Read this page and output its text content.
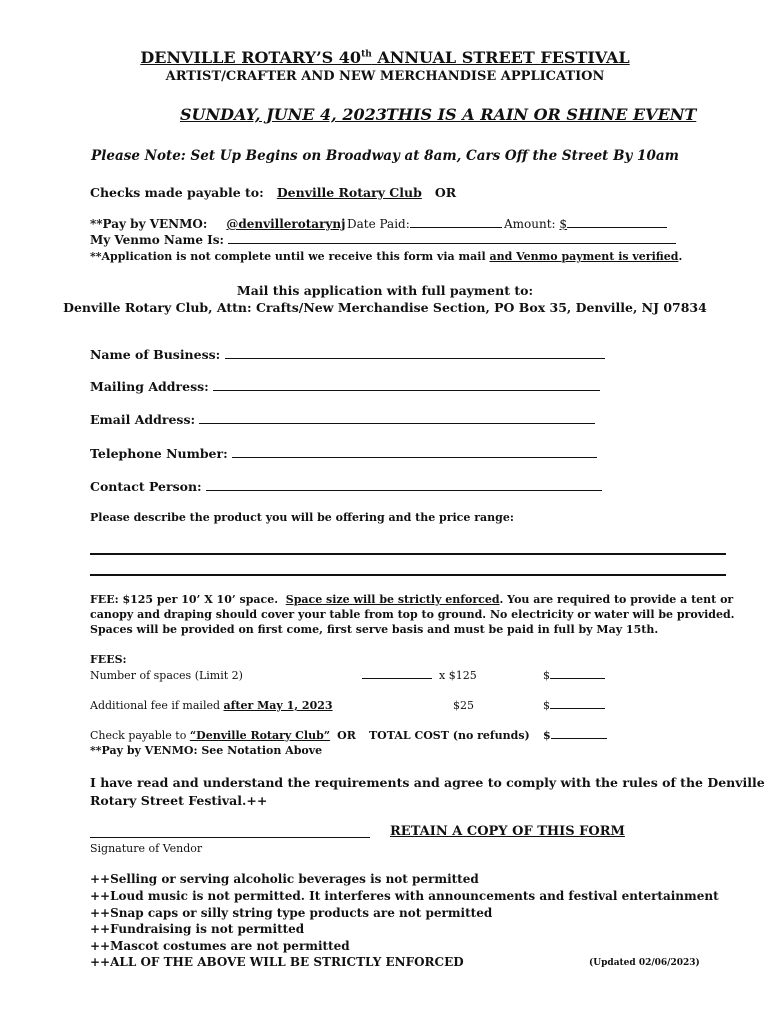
DENVILLE ROTARY’S 40th ANNUAL STREET FESTIVAL
ARTIST/CRAFTER AND NEW MERCHANDISE APPLICATION
SUNDAY, JUNE 4, 2023 THIS IS A RAIN OR SHINE EVENT
Please Note: Set Up Begins on Broadway at 8am, Cars Off the Street By 10am
Checks made payable to: Denville Rotary Club OR
**Pay by VENMO: @denvillerotarynj Date Paid:	Amount: $
My Venmo Name Is:
**Application is not complete until we receive this form via mail and Venmo payment is verified.
Mail this application with full payment to:
Denville Rotary Club, Attn: Crafts/New Merchandise Section, PO Box 35, Denville, NJ 07834
Name of Business:
Mailing Address:
Email Address:
Telephone Number:
Contact Person:
Please describe the product you will be offering and the price range:
FEE: $125 per 10’ X 10’ space. Space size will be strictly enforced. You are required to provide a tent or
canopy and draping should cover your table from top to ground. No electricity or water will be provided.
Spaces will be provided on first come, first serve basis and must be paid in full by May 15th.
FEES:
Number of spaces (Limit 2)	x $125	$
Additional fee if mailed after May 1, 2023	$25	$
Check payable to “Denville Rotary Club” OR TOTAL COST (no refunds) $
**Pay by VENMO: See Notation Above
I have read and understand the requirements and agree to comply with the rules of the Denville
Rotary Street Festival.++
RETAIN A COPY OF THIS FORM
Signature of Vendor
++Selling or serving alcoholic beverages is not permitted
++Loud music is not permitted. It interferes with announcements and festival entertainment
++Snap caps or silly string type products are not permitted
++Fundraising is not permitted
++Mascot costumes are not permitted
++ALL OF THE ABOVE WILL BE STRICTLY ENFORCED	(Updated 02/06/2023)
